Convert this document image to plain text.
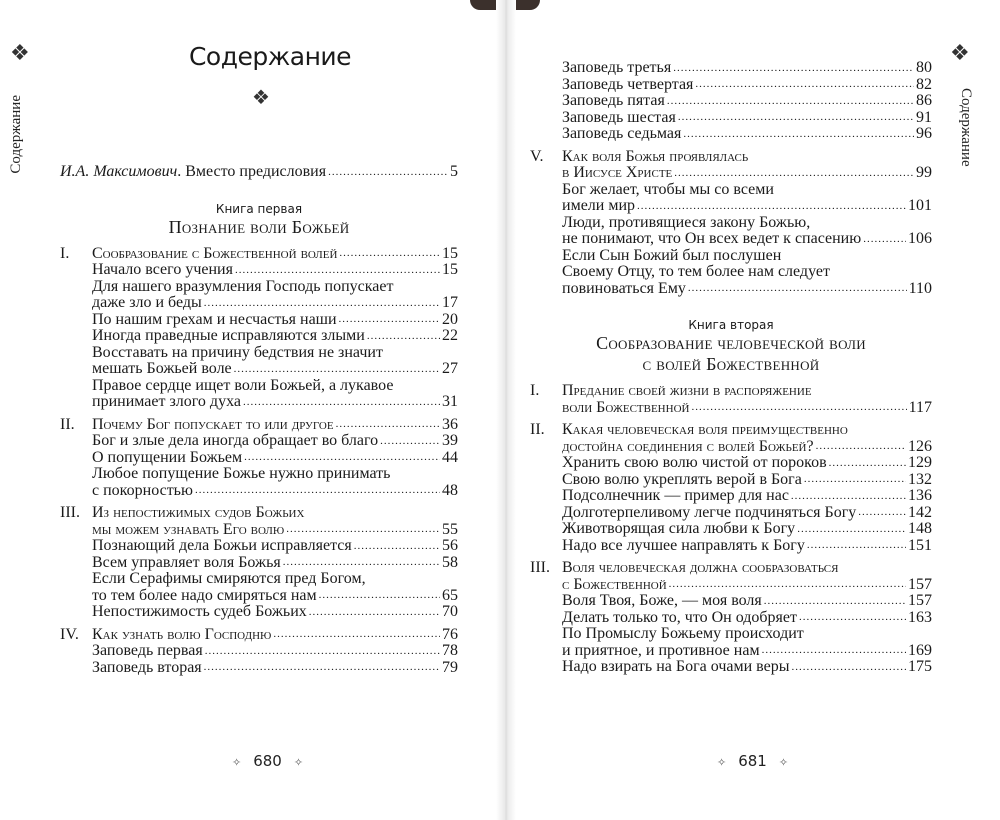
❖
Содержание
Содержание
❖
И.А. Максимович. Вместо предисловия .....	5
Книга первая
Познание воли Божьей
I. Сообразование с Божественной волей .....	15
Начало всего учения .....	15
Для нашего вразумления Господь попускает
даже зло и беды .....	17
По нашим грехам и несчастья наши .....	20
Иногда праведные исправляются злыми .....	22
Восставать на причину бедствия не значит
мешать Божьей воле .....	27
Правое сердце ищет воли Божьей, а лукавое
принимает злого духа .....	31
II. Почему Бог попускает то или другое .....	36
Бог и злые дела иногда обращает во благо .....	39
О попущении Божьем .....	44
Любое попущение Божье нужно принимать
с покорностью .....	48
III. Из непостижимых судов Божьих
мы можем узнавать Его волю .....	55
Познающий дела Божьи исправляется .....	56
Всем управляет воля Божья .....	58
Если Серафимы смиряются пред Богом,
то тем более надо смиряться нам .....	65
Непостижимость судеб Божьих .....	70
IV. Как узнать волю Господню .....	76
Заповедь первая .....	78
Заповедь вторая .....	79
✧ 680 ✧
❖
Содержание
Заповедь третья .....	80
Заповедь четвертая .....	82
Заповедь пятая .....	86
Заповедь шестая .....	91
Заповедь седьмая .....	96
V. Как воля Божья проявлялась
в Иисусе Христе .....	99
Бог желает, чтобы мы со всеми
имели мир .....	101
Люди, противящиеся закону Божью,
не понимают, что Он всех ведет к спасению .....	106
Если Сын Божий был послушен
Своему Отцу, то тем более нам следует
повиноваться Ему .....	110
Книга вторая
Сообразование человеческой воли
с волей Божественной
I. Предание своей жизни в распоряжение
воли Божественной .....	117
II. Какая человеческая воля преимущественно
достойна соединения с волей Божьей? .....	126
Хранить свою волю чистой от пороков .....	129
Свою волю укреплять верой в Бога .....	132
Подсолнечник — пример для нас .....	136
Долготерпеливому легче подчиняться Богу .....	142
Животворящая сила любви к Богу .....	148
Надо все лучшее направлять к Богу .....	151
III. Воля человеческая должна сообразоваться
с Божественной .....	157
Воля Твоя, Боже, — моя воля .....	157
Делать только то, что Он одобряет .....	163
По Промыслу Божьему происходит
и приятное, и противное нам .....	169
Надо взирать на Бога очами веры .....	175
✧ 681 ✧
